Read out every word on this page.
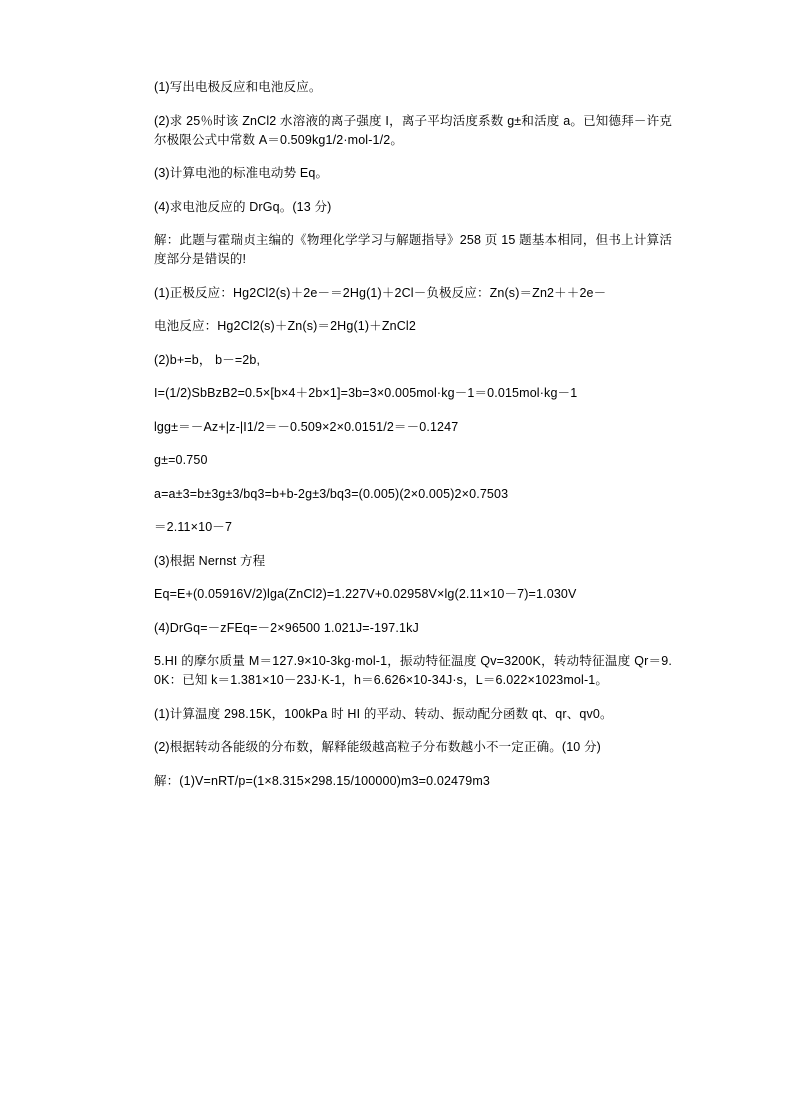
(1)写出电极反应和电池反应。

(2)求 25％时该 ZnCl2 水溶液的离子强度 I，离子平均活度系数 g±和活度 a。已知德拜－许克尔极限公式中常数 A＝0.509kg1/2·mol-1/2。

(3)计算电池的标准电动势 Eq。

(4)求电池反应的 DrGq。(13 分)

解：此题与霍瑞贞主编的《物理化学学习与解题指导》258 页 15 题基本相同，但书上计算活度部分是错误的!

(1)正极反应：Hg2Cl2(s)＋2e－＝2Hg(1)＋2Cl－负极反应：Zn(s)＝Zn2＋＋2e－

电池反应：Hg2Cl2(s)＋Zn(s)＝2Hg(1)＋ZnCl2

(2)b+=b， b－=2b,

I=(1/2)SbBzB2=0.5×[b×4＋2b×1]=3b=3×0.005mol·kg－1＝0.015mol·kg－1

lgg±＝－Az+|z-|I1/2＝－0.509×2×0.0151/2＝－0.1247

g±=0.750

a=a±3=b±3g±3/bq3=b+b-2g±3/bq3=(0.005)(2×0.005)2×0.7503

＝2.11×10－7

(3)根据 Nernst 方程

Eq=E+(0.05916V/2)lga(ZnCl2)=1.227V+0.02958V×lg(2.11×10－7)=1.030V

(4)DrGq=－zFEq=－2×96500 1.021J=-197.1kJ

5.HI 的摩尔质量 M＝127.9×10-3kg·mol-1，振动特征温度 Qv=3200K，转动特征温度 Qr＝9.0K：已知 k＝1.381×10－23J·K-1，h＝6.626×10-34J·s，L＝6.022×1023mol-1。

(1)计算温度 298.15K，100kPa 时 HI 的平动、转动、振动配分函数 qt、qr、qv0。

(2)根据转动各能级的分布数，解释能级越高粒子分布数越小不一定正确。(10 分)

解：(1)V=nRT/p=(1×8.315×298.15/100000)m3=0.02479m3
